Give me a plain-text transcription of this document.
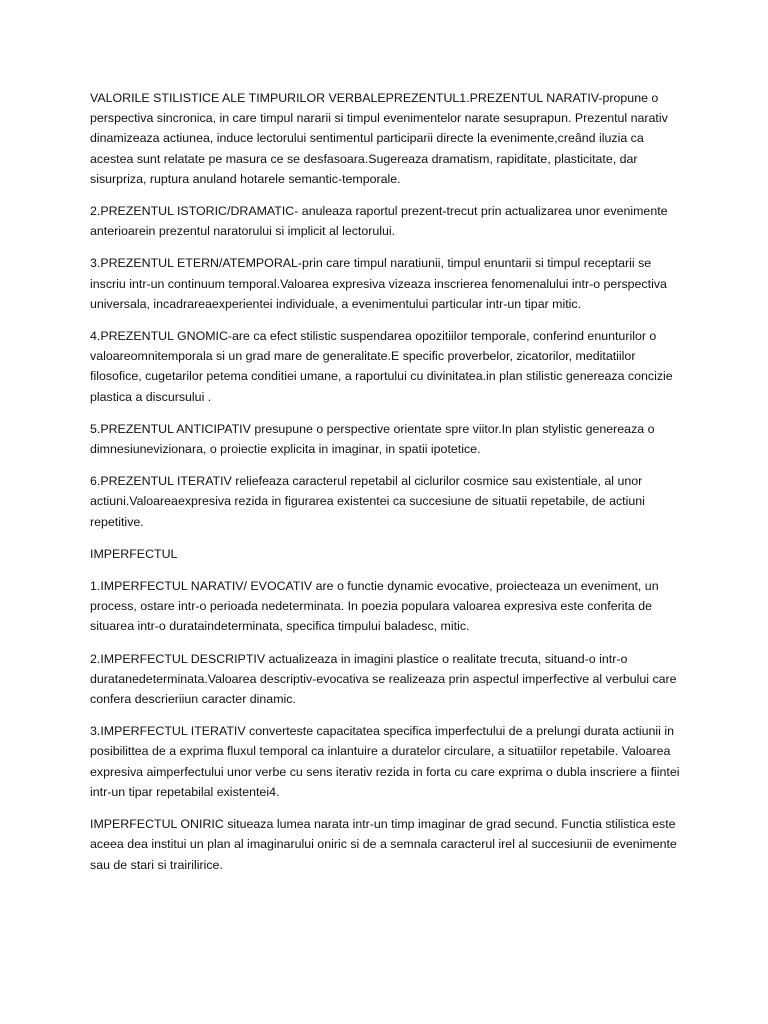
VALORILE STILISTICE ALE TIMPURILOR VERBALEPREZENTUL1.PREZENTUL NARATIV-propune o perspectiva sincronica, in care timpul nararii si timpul evenimentelor narate sesuprapun. Prezentul narativ dinamizeaza actiunea, induce lectorului sentimentul participarii directe la evenimente,creând iluzia ca acestea sunt relatate pe masura ce se desfasoara.Sugereaza dramatism, rapiditate, plasticitate, dar sisurpriza, ruptura anuland hotarele semantic-temporale.

2.PREZENTUL ISTORIC/DRAMATIC- anuleaza raportul prezent-trecut prin actualizarea unor evenimente anterioarein prezentul naratorului si implicit al lectorului.

3.PREZENTUL ETERN/ATEMPORAL-prin care timpul naratiunii, timpul enuntarii si timpul receptarii se inscriu intr-un continuum temporal.Valoarea expresiva vizeaza inscrierea fenomenalului intr-o perspectiva universala, incadrareaexperientei individuale, a evenimentului particular intr-un tipar mitic.

4.PREZENTUL GNOMIC-are ca efect stilistic suspendarea opozitiilor temporale, conferind enunturilor o valoareomnitemporala si un grad mare de generalitate.E specific proverbelor, zicatorilor, meditatiilor filosofice, cugetarilor petema conditiei umane, a raportului cu divinitatea.in plan stilistic genereaza concizie plastica a discursului .

5.PREZENTUL ANTICIPATIV presupune o perspective orientate spre viitor.In plan stylistic genereaza o dimnesiunevizionara, o proiectie explicita in imaginar, in spatii ipotetice.

6.PREZENTUL ITERATIV reliefeaza caracterul repetabil al ciclurilor cosmice sau existentiale, al unor actiuni.Valoareaexpresiva rezida in figurarea existentei ca succesiune de situatii repetabile, de actiuni repetitive.

IMPERFECTUL

1.IMPERFECTUL NARATIV/ EVOCATIV are o functie dynamic evocative, proiecteaza un eveniment, un process, ostare intr-o perioada nedeterminata. In poezia populara valoarea expresiva este conferita de situarea intr-o durataindeterminata, specifica timpului baladesc, mitic.

2.IMPERFECTUL DESCRIPTIV actualizeaza in imagini plastice o realitate trecuta, situand-o intr-o duratanedeterminata.Valoarea descriptiv-evocativa se realizeaza prin aspectul imperfective al verbului care confera descrieriiun caracter dinamic.

3.IMPERFECTUL ITERATIV converteste capacitatea specifica imperfectului de a prelungi durata actiunii in posibilittea de a exprima fluxul temporal ca inlantuire a duratelor circulare, a situatiilor repetabile. Valoarea expresiva aimperfectului unor verbe cu sens iterativ rezida in forta cu care exprima o dubla inscriere a fiintei intr-un tipar repetabilal existentei4.

IMPERFECTUL ONIRIC situeaza lumea narata intr-un timp imaginar de grad secund. Functia stilistica este aceea dea institui un plan al imaginarului oniric si de a semnala caracterul irel al succesiunii de evenimente sau de stari si trairilirice.
